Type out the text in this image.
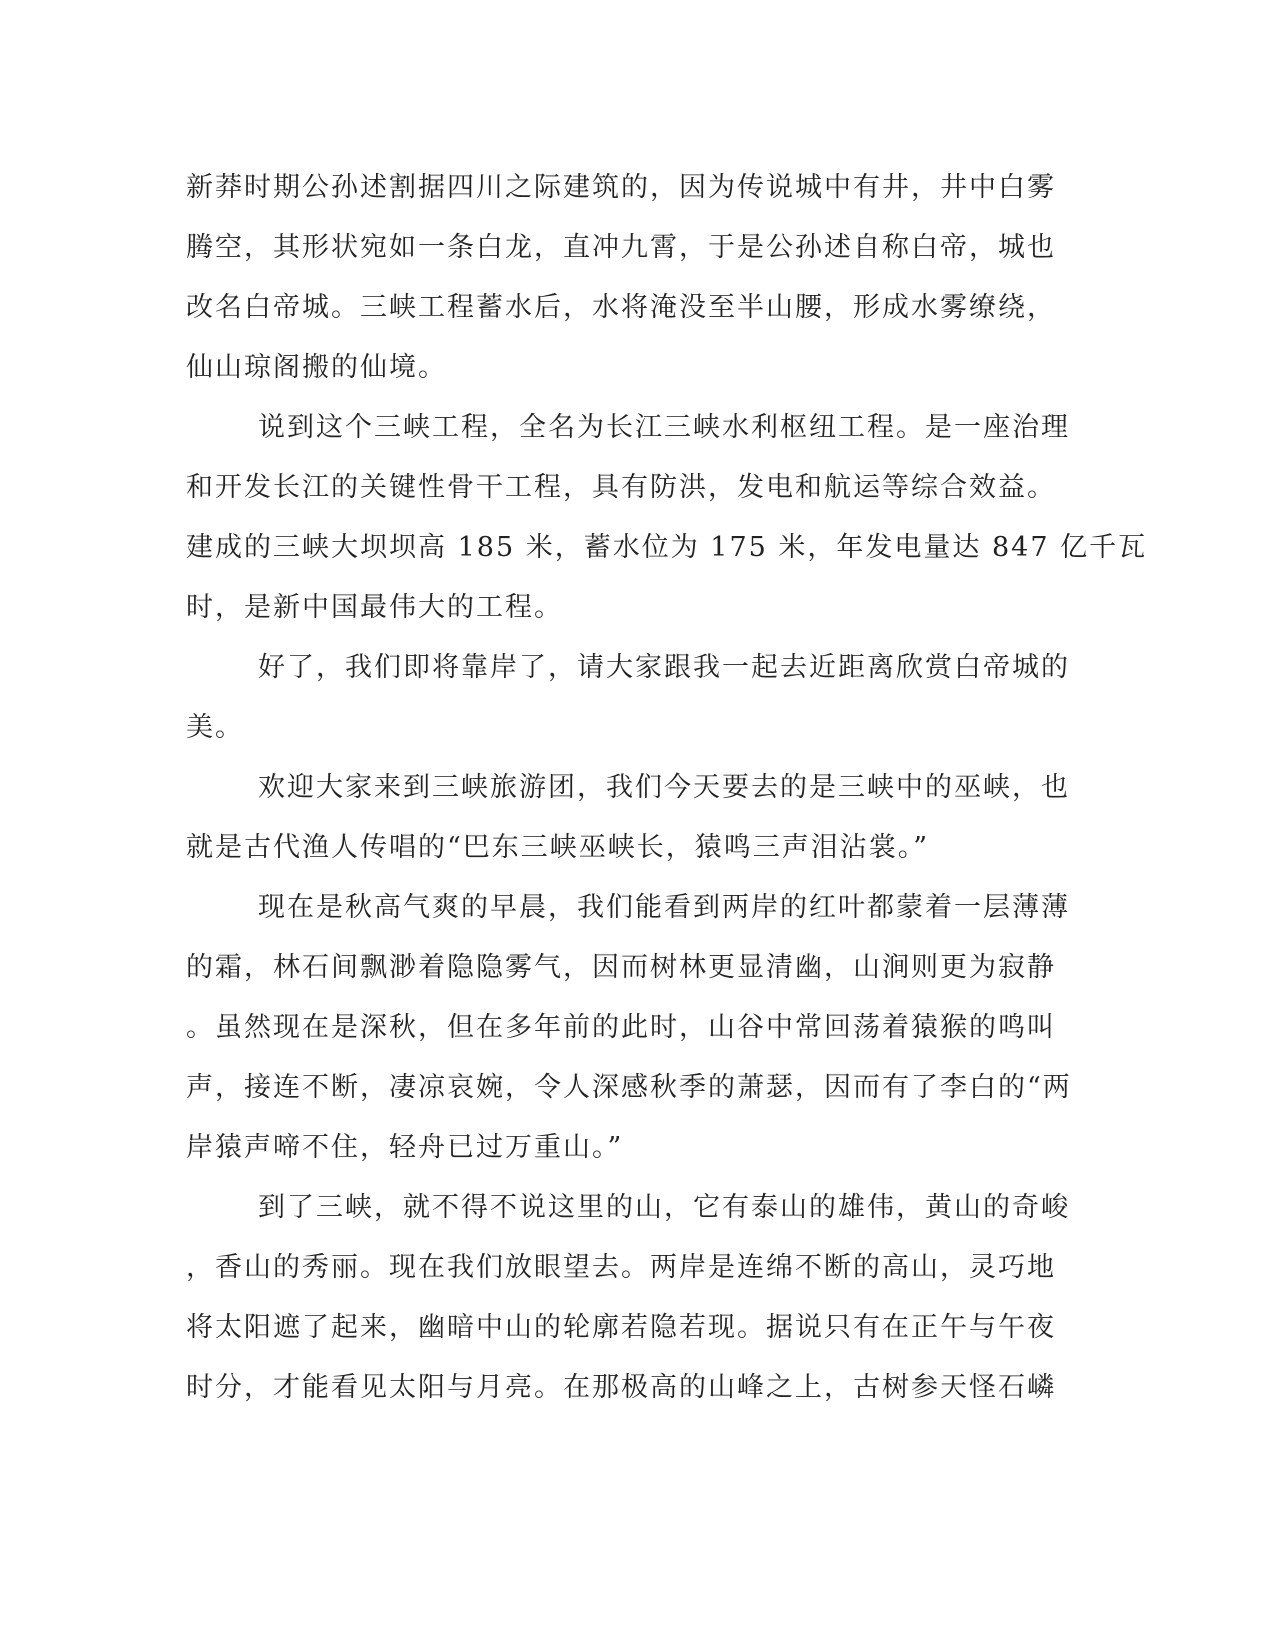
新莽时期公孙述割据四川之际建筑的，因为传说城中有井，井中白雾
腾空，其形状宛如一条白龙，直冲九霄，于是公孙述自称白帝，城也
改名白帝城。三峡工程蓄水后，水将淹没至半山腰，形成水雾缭绕，
仙山琼阁搬的仙境。
说到这个三峡工程，全名为长江三峡水利枢纽工程。是一座治理
和开发长江的关键性骨干工程，具有防洪，发电和航运等综合效益。
建成的三峡大坝坝高 185 米，蓄水位为 175 米，年发电量达 847 亿千瓦
时，是新中国最伟大的工程。
好了，我们即将靠岸了，请大家跟我一起去近距离欣赏白帝城的
美。
欢迎大家来到三峡旅游团，我们今天要去的是三峡中的巫峡，也
就是古代渔人传唱的“巴东三峡巫峡长，猿鸣三声泪沾裳。”
现在是秋高气爽的早晨，我们能看到两岸的红叶都蒙着一层薄薄
的霜，林石间飘渺着隐隐雾气，因而树林更显清幽，山涧则更为寂静
。虽然现在是深秋，但在多年前的此时，山谷中常回荡着猿猴的鸣叫
声，接连不断，凄凉哀婉，令人深感秋季的萧瑟，因而有了李白的“两
岸猿声啼不住，轻舟已过万重山。”
到了三峡，就不得不说这里的山，它有泰山的雄伟，黄山的奇峻
，香山的秀丽。现在我们放眼望去。两岸是连绵不断的高山，灵巧地
将太阳遮了起来，幽暗中山的轮廓若隐若现。据说只有在正午与午夜
时分，才能看见太阳与月亮。在那极高的山峰之上，古树参天怪石嶙
